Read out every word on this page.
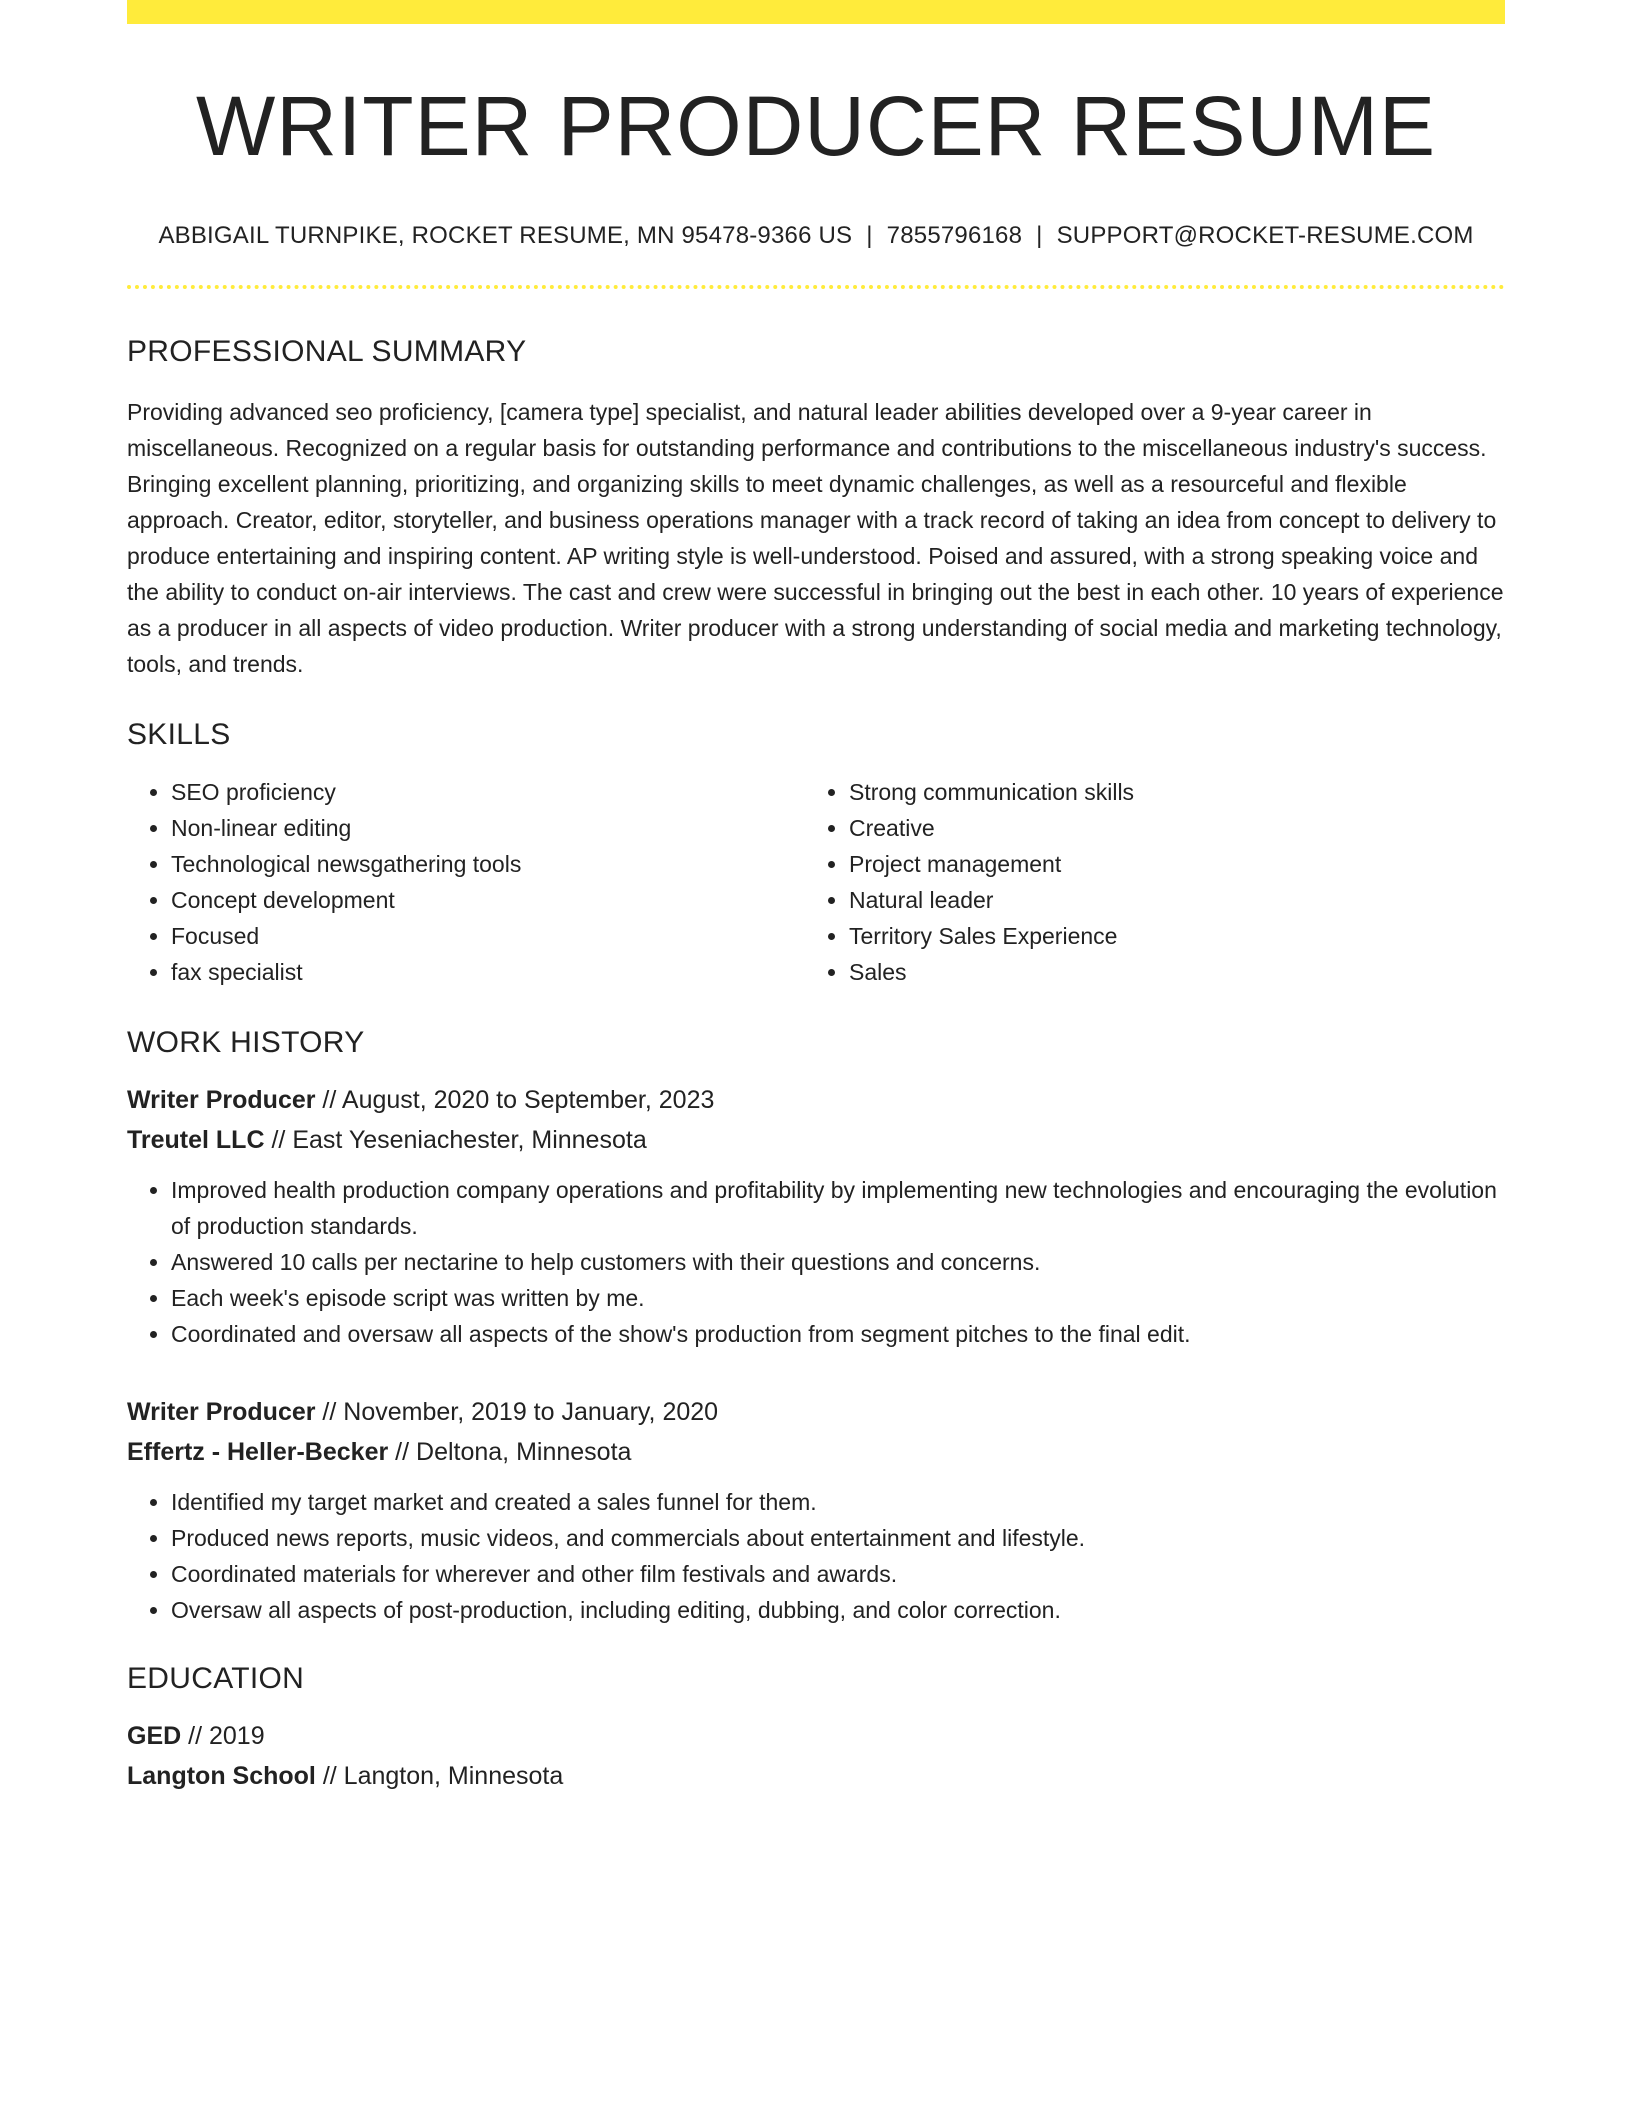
WRITER PRODUCER RESUME
ABBIGAIL TURNPIKE, ROCKET RESUME, MN 95478-9366 US | 7855796168 | SUPPORT@ROCKET-RESUME.COM
PROFESSIONAL SUMMARY

Providing advanced seo proficiency, [camera type] specialist, and natural leader abilities developed over a 9-year career in miscellaneous. Recognized on a regular basis for outstanding performance and contributions to the miscellaneous industry's success. Bringing excellent planning, prioritizing, and organizing skills to meet dynamic challenges, as well as a resourceful and flexible approach. Creator, editor, storyteller, and business operations manager with a track record of taking an idea from concept to delivery to produce entertaining and inspiring content. AP writing style is well-understood. Poised and assured, with a strong speaking voice and the ability to conduct on-air interviews. The cast and crew were successful in bringing out the best in each other. 10 years of experience as a producer in all aspects of video production. Writer producer with a strong understanding of social media and marketing technology, tools, and trends.

SKILLS
• SEO proficiency
• Non-linear editing
• Technological newsgathering tools
• Concept development
• Focused
• fax specialist
• Strong communication skills
• Creative
• Project management
• Natural leader
• Territory Sales Experience
• Sales
WORK HISTORY
Writer Producer // August, 2020 to September, 2023
Treutel LLC // East Yeseniachester, Minnesota
• Improved health production company operations and profitability by implementing new technologies and encouraging the evolution of production standards.
• Answered 10 calls per nectarine to help customers with their questions and concerns.
• Each week's episode script was written by me.
• Coordinated and oversaw all aspects of the show's production from segment pitches to the final edit.
Writer Producer // November, 2019 to January, 2020
Effertz - Heller-Becker // Deltona, Minnesota
• Identified my target market and created a sales funnel for them.
• Produced news reports, music videos, and commercials about entertainment and lifestyle.
• Coordinated materials for wherever and other film festivals and awards.
• Oversaw all aspects of post-production, including editing, dubbing, and color correction.
EDUCATION
GED // 2019
Langton School // Langton, Minnesota
